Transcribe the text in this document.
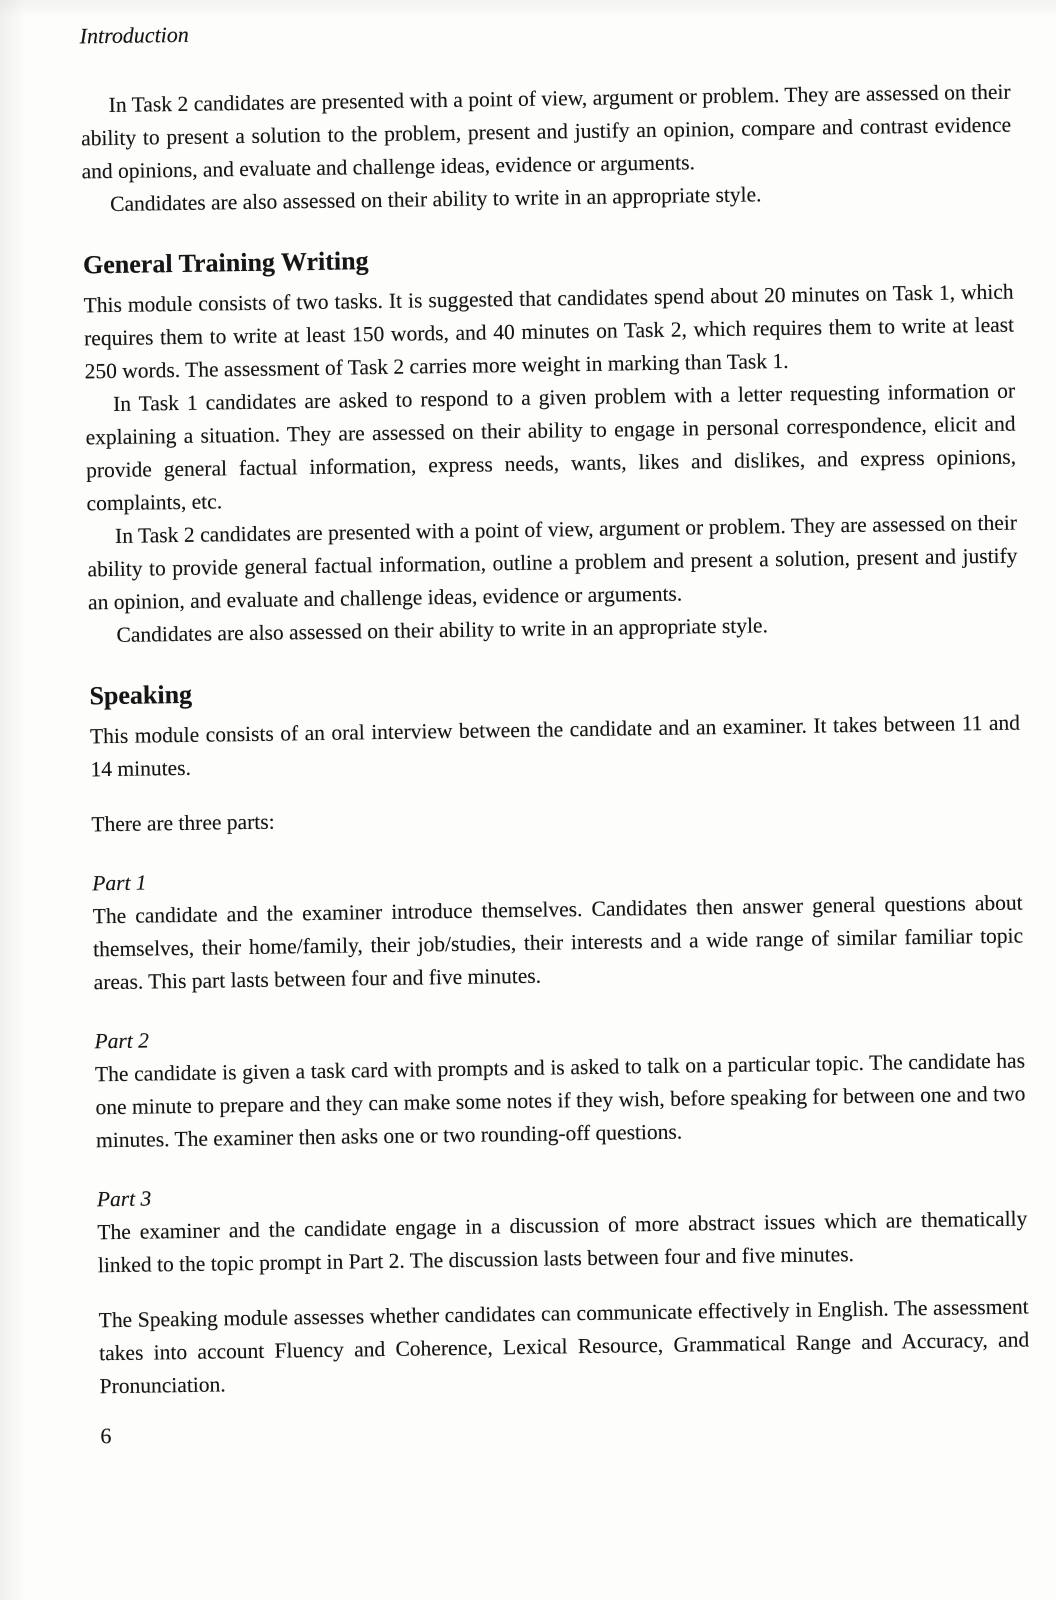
Introduction

In Task 2 candidates are presented with a point of view, argument or problem. They are assessed on their ability to present a solution to the problem, present and justify an opinion, compare and contrast evidence and opinions, and evaluate and challenge ideas, evidence or arguments.

Candidates are also assessed on their ability to write in an appropriate style.

General Training Writing

This module consists of two tasks. It is suggested that candidates spend about 20 minutes on Task 1, which requires them to write at least 150 words, and 40 minutes on Task 2, which requires them to write at least 250 words. The assessment of Task 2 carries more weight in marking than Task 1.

In Task 1 candidates are asked to respond to a given problem with a letter requesting information or explaining a situation. They are assessed on their ability to engage in personal correspondence, elicit and provide general factual information, express needs, wants, likes and dislikes, and express opinions, complaints, etc.

In Task 2 candidates are presented with a point of view, argument or problem. They are assessed on their ability to provide general factual information, outline a problem and present a solution, present and justify an opinion, and evaluate and challenge ideas, evidence or arguments.

Candidates are also assessed on their ability to write in an appropriate style.

Speaking

This module consists of an oral interview between the candidate and an examiner. It takes between 11 and 14 minutes.

There are three parts:

Part 1

The candidate and the examiner introduce themselves. Candidates then answer general questions about themselves, their home/family, their job/studies, their interests and a wide range of similar familiar topic areas. This part lasts between four and five minutes.

Part 2

The candidate is given a task card with prompts and is asked to talk on a particular topic. The candidate has one minute to prepare and they can make some notes if they wish, before speaking for between one and two minutes. The examiner then asks one or two rounding-off questions.

Part 3

The examiner and the candidate engage in a discussion of more abstract issues which are thematically linked to the topic prompt in Part 2. The discussion lasts between four and five minutes.

The Speaking module assesses whether candidates can communicate effectively in English. The assessment takes into account Fluency and Coherence, Lexical Resource, Grammatical Range and Accuracy, and Pronunciation.

6
